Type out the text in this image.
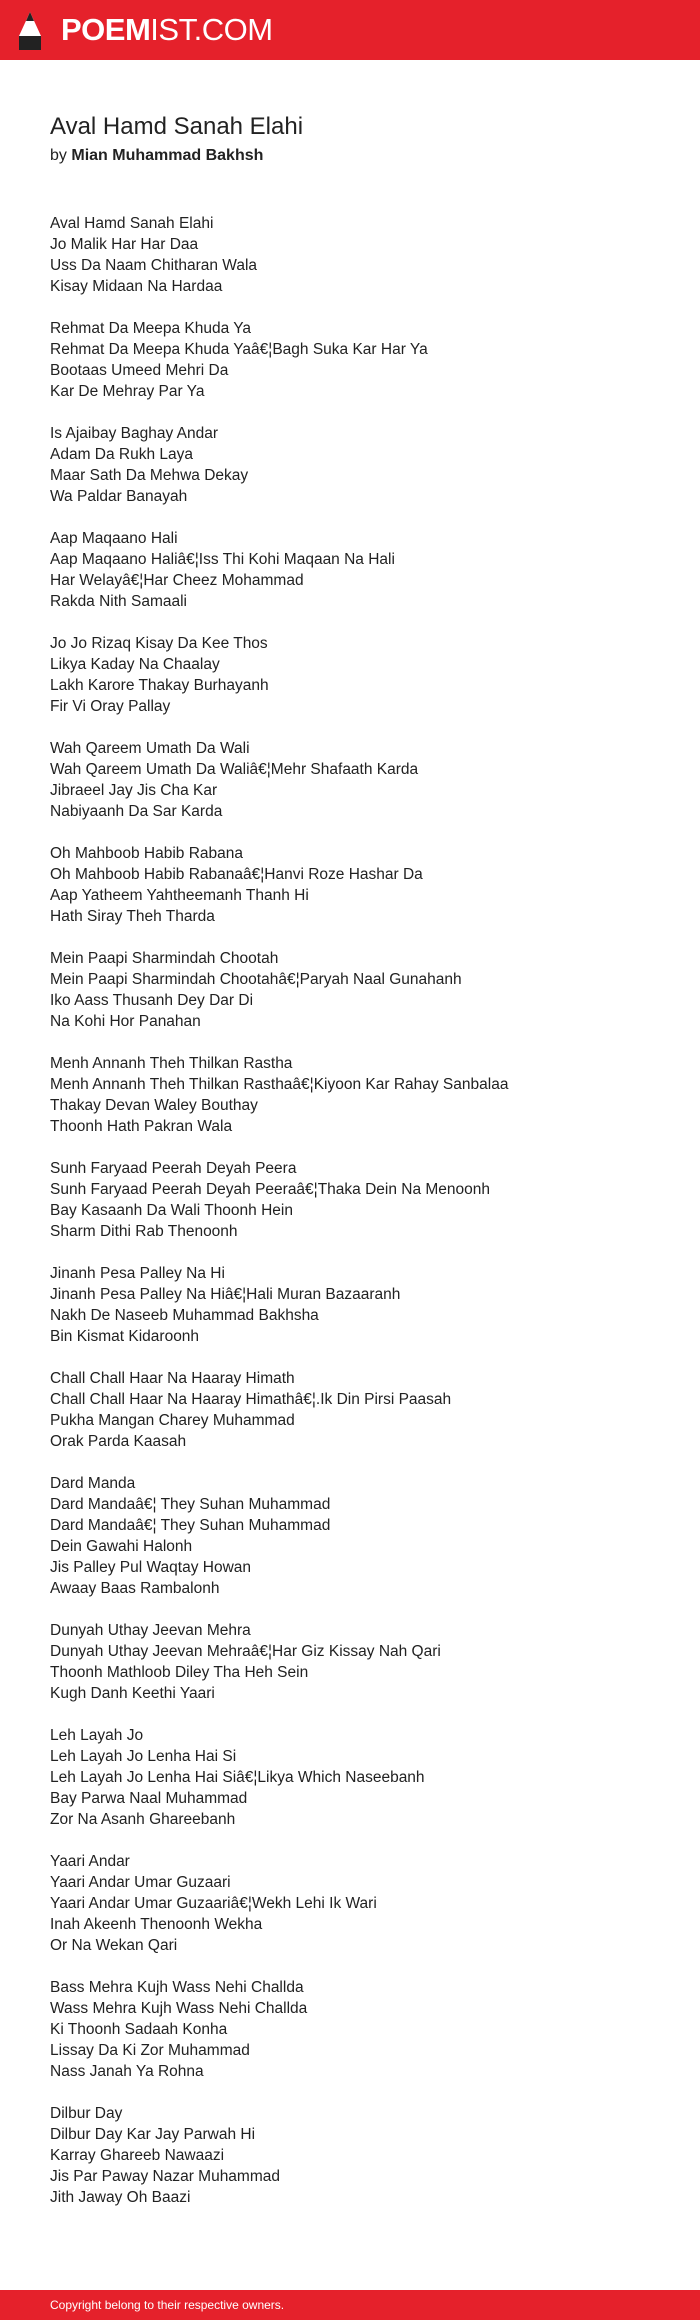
POEMIST.COM
Aval Hamd Sanah Elahi
by Mian Muhammad Bakhsh
Aval Hamd Sanah Elahi
Jo Malik Har Har Daa
Uss Da Naam Chitharan Wala
Kisay Midaan Na Hardaa
Rehmat Da Meepa Khuda Ya
Rehmat Da Meepa Khuda Yaâ€¦Bagh Suka Kar Har Ya
Bootaas Umeed Mehri Da
Kar De Mehray Par Ya
Is Ajaibay Baghay Andar
Adam Da Rukh Laya
Maar Sath Da Mehwa Dekay
Wa Paldar Banayah
Aap Maqaano Hali
Aap Maqaano Haliâ€¦Iss Thi Kohi Maqaan Na Hali
Har Welayâ€¦Har Cheez Mohammad
Rakda Nith Samaali
Jo Jo Rizaq Kisay Da Kee Thos
Likya Kaday Na Chaalay
Lakh Karore Thakay Burhayanh
Fir Vi Oray Pallay
Wah Qareem Umath Da Wali
Wah Qareem Umath Da Waliâ€¦Mehr Shafaath Karda
Jibraeel Jay Jis Cha Kar
Nabiyaanh Da Sar Karda
Oh Mahboob Habib Rabana
Oh Mahboob Habib Rabanaâ€¦Hanvi Roze Hashar Da
Aap Yatheem Yahtheemanh Thanh Hi
Hath Siray Theh Tharda
Mein Paapi Sharmindah Chootah
Mein Paapi Sharmindah Chootahâ€¦Paryah Naal Gunahanh
Iko Aass Thusanh Dey Dar Di
Na Kohi Hor Panahan
Menh Annanh Theh Thilkan Rastha
Menh Annanh Theh Thilkan Rasthaâ€¦Kiyoon Kar Rahay Sanbalaa
Thakay Devan Waley Bouthay
Thoonh Hath Pakran Wala
Sunh Faryaad Peerah Deyah Peera
Sunh Faryaad Peerah Deyah Peeraâ€¦Thaka Dein Na Menoonh
Bay Kasaanh Da Wali Thoonh Hein
Sharm Dithi Rab Thenoonh
Jinanh Pesa Palley Na Hi
Jinanh Pesa Palley Na Hiâ€¦Hali Muran Bazaaranh
Nakh De Naseeb Muhammad Bakhsha
Bin Kismat Kidaroonh
Chall Chall Haar Na Haaray Himath
Chall Chall Haar Na Haaray Himathâ€¦.Ik Din Pirsi Paasah
Pukha Mangan Charey Muhammad
Orak Parda Kaasah
Dard Manda
Dard Mandaâ€¦ They Suhan Muhammad
Dard Mandaâ€¦ They Suhan Muhammad
Dein Gawahi Halonh
Jis Palley Pul Waqtay Howan
Awaay Baas Rambalonh
Dunyah Uthay Jeevan Mehra
Dunyah Uthay Jeevan Mehraâ€¦Har Giz Kissay Nah Qari
Thoonh Mathloob Diley Tha Heh Sein
Kugh Danh Keethi Yaari
Leh Layah Jo
Leh Layah Jo Lenha Hai Si
Leh Layah Jo Lenha Hai Siâ€¦Likya Which Naseebanh
Bay Parwa Naal Muhammad
Zor Na Asanh Ghareebanh
Yaari Andar
Yaari Andar Umar Guzaari
Yaari Andar Umar Guzaariâ€¦Wekh Lehi Ik Wari
Inah Akeenh Thenoonh Wekha
Or Na Wekan Qari
Bass Mehra Kujh Wass Nehi Challda
Wass Mehra Kujh Wass Nehi Challda
Ki Thoonh Sadaah Konha
Lissay Da Ki Zor Muhammad
Nass Janah Ya Rohna
Dilbur Day
Dilbur Day Kar Jay Parwah Hi
Karray Ghareeb Nawaazi
Jis Par Paway Nazar Muhammad
Jith Jaway Oh Baazi
Copyright belong to their respective owners.
